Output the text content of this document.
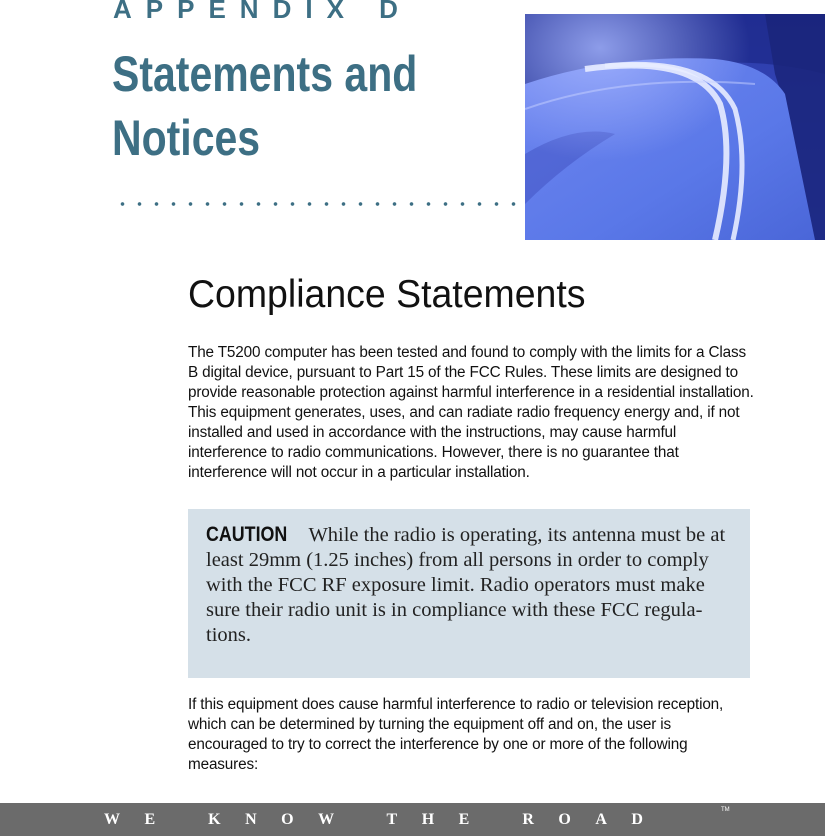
APPENDIX D
Statements and
Notices
Compliance Statements
The T5200 computer has been tested and found to comply with the limits for a Class B digital device, pursuant to Part 15 of the FCC Rules. These limits are designed to provide reasonable protection against harmful interference in a residential installation. This equipment generates, uses, and can radiate radio frequency energy and, if not installed and used in accordance with the instructions, may cause harmful interference to radio communications. However, there is no guarantee that interference will not occur in a particular installation.
CAUTION While the radio is operating, its antenna must be at least 29mm (1.25 inches) from all persons in order to comply with the FCC RF exposure limit. Radio operators must make sure their radio unit is in compliance with these FCC regula-tions.
If this equipment does cause harmful interference to radio or television reception, which can be determined by turning the equipment off and on, the user is encouraged to try to correct the interference by one or more of the following measures:
WE KNOW THE ROAD
TM
